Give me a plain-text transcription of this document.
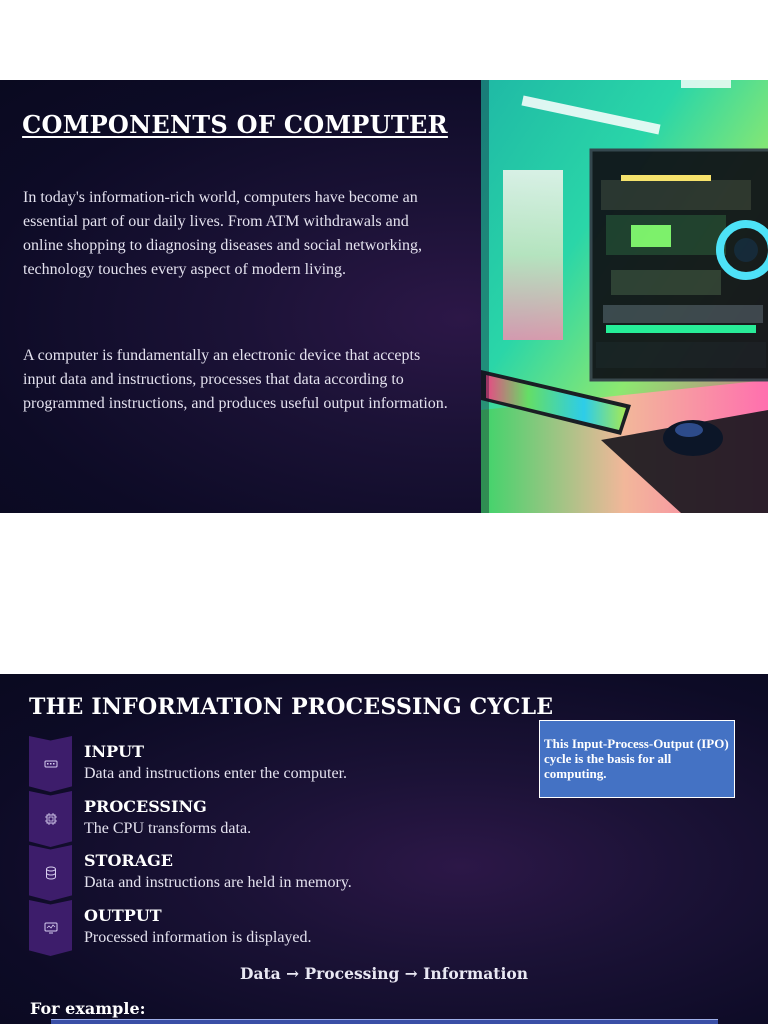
COMPONENTS OF COMPUTER

In today's information-rich world, computers have become an essential part of our daily lives. From ATM withdrawals and online shopping to diagnosing diseases and social networking, technology touches every aspect of modern living.

A computer is fundamentally an electronic device that accepts input data and instructions, processes that data according to programmed instructions, and produces useful output information.

THE INFORMATION PROCESSING CYCLE
INPUT

Data and instructions enter the computer.

PROCESSING

The CPU transforms data.

STORAGE

Data and instructions are held in memory.

OUTPUT

Processed information is displayed.

This Input-Process-Output (IPO) cycle is the basis for all computing.
Data → Processing → Information
For example:
